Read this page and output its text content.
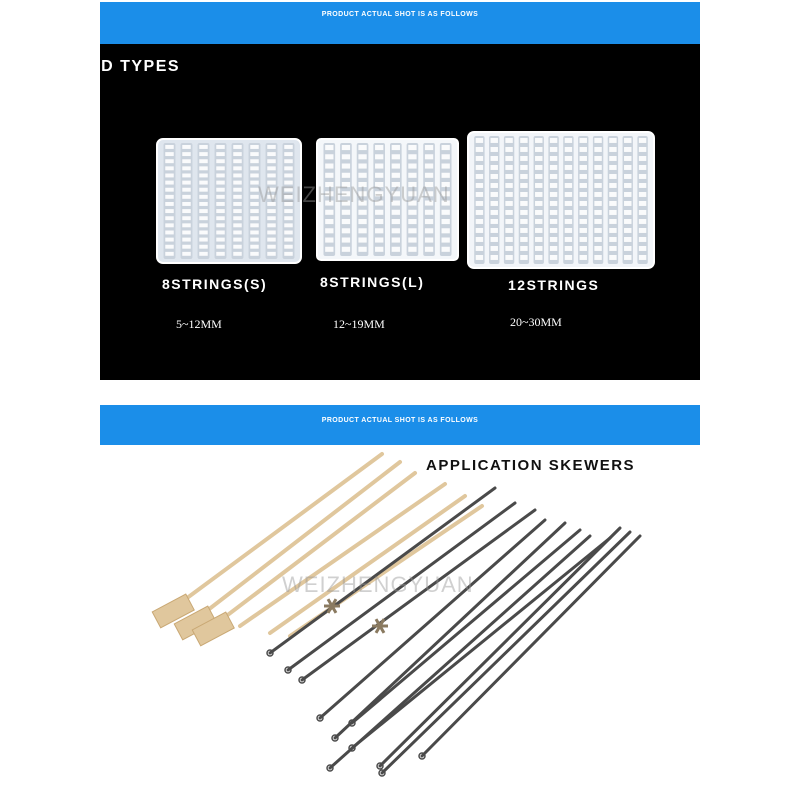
PRODUCT ACTUAL SHOT IS AS FOLLOWS
MOULD TYPES
WEIZHENGYUAN
8STRINGS(S)	8STRINGS(L)	12STRINGS
5~12MM	12~19MM	20~30MM
PRODUCT ACTUAL SHOT IS AS FOLLOWS
APPLICATION SKEWERS
WEIZHENGYUAN
